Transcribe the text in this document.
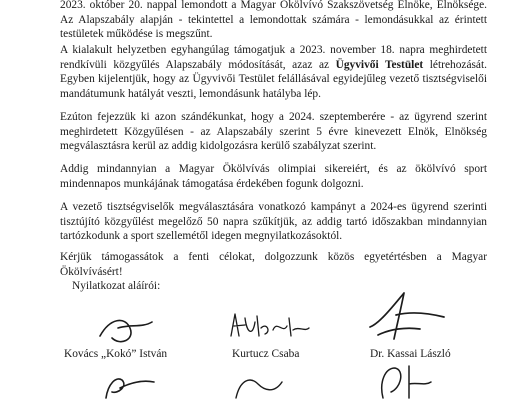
2023. október 20. nappal lemondott a Magyar Ökölvívó Szakszövetség Elnöke, Elnöksége. Az Alapszabály alapján - tekintettel a lemondottak számára - lemondásukkal az érintett testületek működése is megszűnt.

A kialakult helyzetben egyhangúlag támogatjuk a 2023. november 18. napra meghirdetett rendkívüli közgyűlés Alapszabály módosítását, azaz az Ügyvivői Testület létrehozását. Egyben kijelentjük, hogy az Ügyvivői Testület felállásával egyidejűleg vezető tisztségviselői mandátumunk hatályát veszti, lemondásunk hatályba lép.

Ezúton fejezzük ki azon szándékunkat, hogy a 2024. szeptemberére - az ügyrend szerint meghirdetett Közgyűlésen - az Alapszabály szerint 5 évre kinevezett Elnök, Elnökség megválasztásra kerül az addig kidolgozásra kerülő szabályzat szerint.

Addig mindannyian a Magyar Ökölvívás olimpiai sikereiért, és az ökölvívó sport mindennapos munkájának támogatása érdekében fogunk dolgozni.

A vezető tisztségviselők megválasztására vonatkozó kampányt a 2024-es ügyrend szerinti tisztújító közgyűlést megelőző 50 napra szűkítjük, az addig tartó időszakban mindannyian tartózkodunk a sport szellemétől idegen megnyilatkozásoktól.

Kérjük támogassátok a fenti célokat, dolgozzunk közös egyetértésben a Magyar Ökölvívásért!

Nyilatkozat aláírói:
Kovács „Kokó” István	Kurtucz Csaba	Dr. Kassai László
